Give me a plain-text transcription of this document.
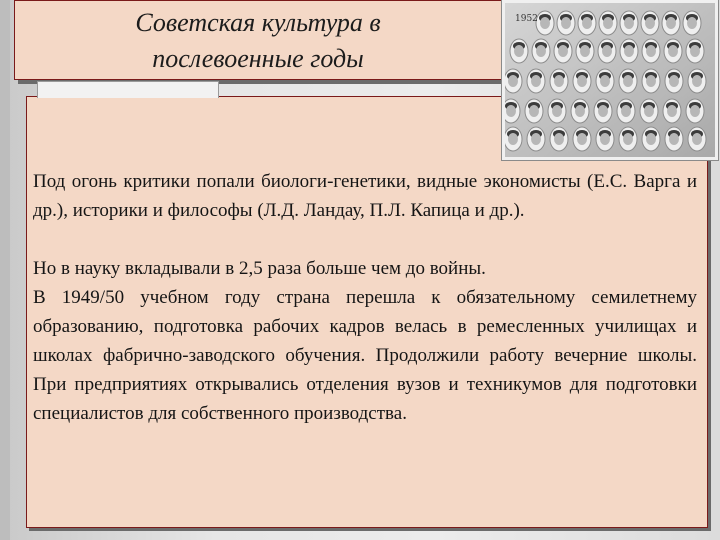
Советская культура в
послевоенные годы
Под огонь критики попали биологи-генетики, видные экономисты (Е.С. Варга и др.), историки и философы (Л.Д. Ландау, П.Л. Капица и др.).
Но в науку вкладывали в 2,5 раза больше чем до войны.
В 1949/50 учебном году страна перешла к обязательному семилетнему образованию, подготовка рабочих кадров велась в ремесленных училищах и школах фабрично-заводского обучения. Продолжили работу вечерние школы. При предприятиях открывались отделения вузов и техникумов для подготовки специалистов для собственного производства.
1952
